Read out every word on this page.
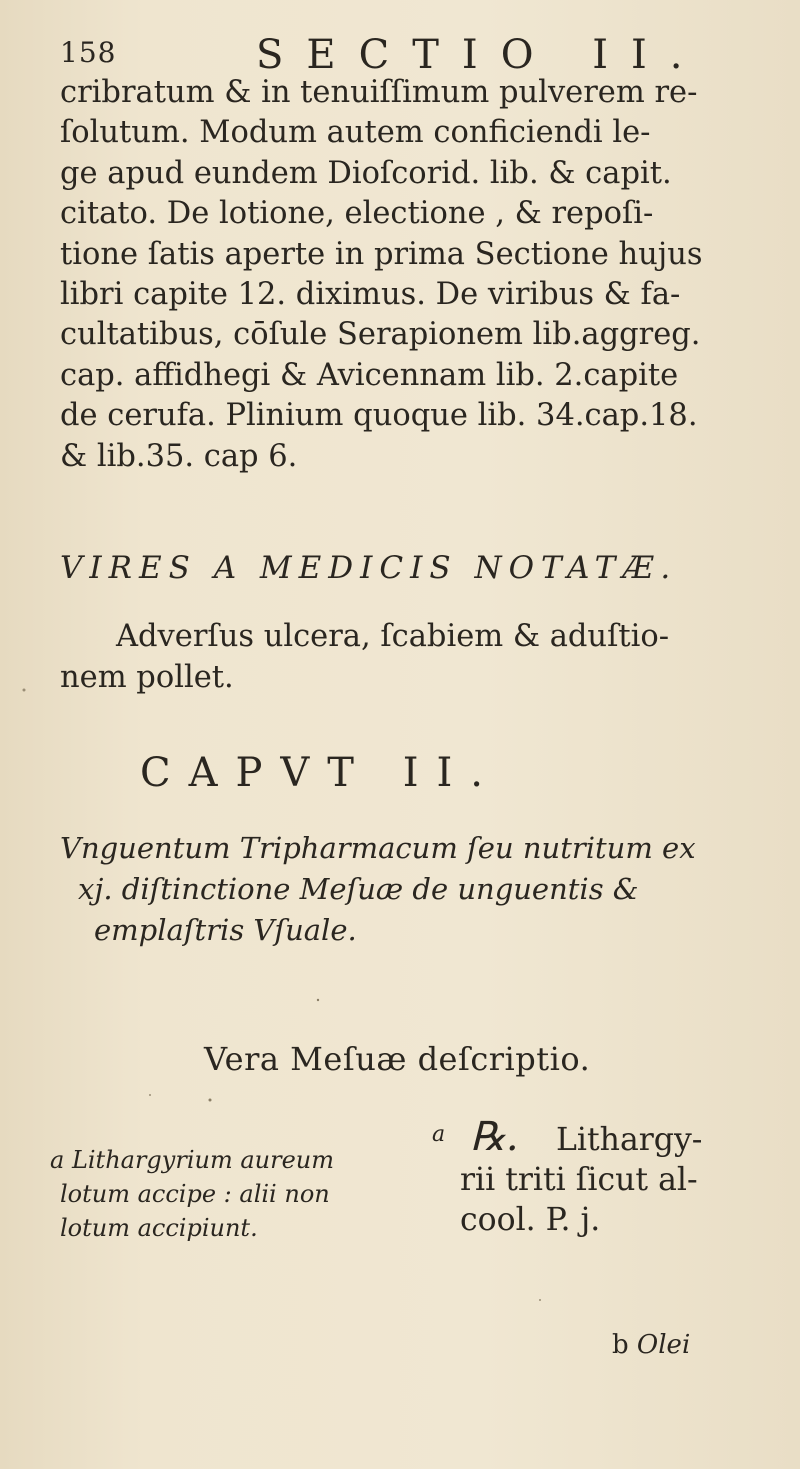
158	SECTIO II.
cribratum & in tenuiſſimum pulverem re-
ſolutum. Modum autem conficiendi le-
ge apud eundem Dioſcorid. lib. & capit.
citato. De lotione, electione , & repoſi-
tione ſatis aperte in prima Sectione hujus
libri capite 12. diximus. De viribus & fa-
cultatibus, cōſule Serapionem lib.aggreg.
cap. affidhegi & Avicennam lib. 2.capite
de cerufa. Plinium quoque lib. 34.cap.18.
& lib.35. cap 6.
VIRES A MEDICIS NOTATÆ.
Adverſus ulcera, ſcabiem & aduſtio-
nem pollet.
CAPVT II.
Vnguentum Tripharmacum ſeu nutritum ex
xj. diſtinctione Meſuæ de unguentis &
emplaſtris Vſuale.
Vera Meſuæ deſcriptio.
a Lithargyrium aureum
lotum accipe : alii non
lotum accipiunt.
a ℞.	Lithargy-
rii triti ſicut al-
cool. P. j.
b Olei
